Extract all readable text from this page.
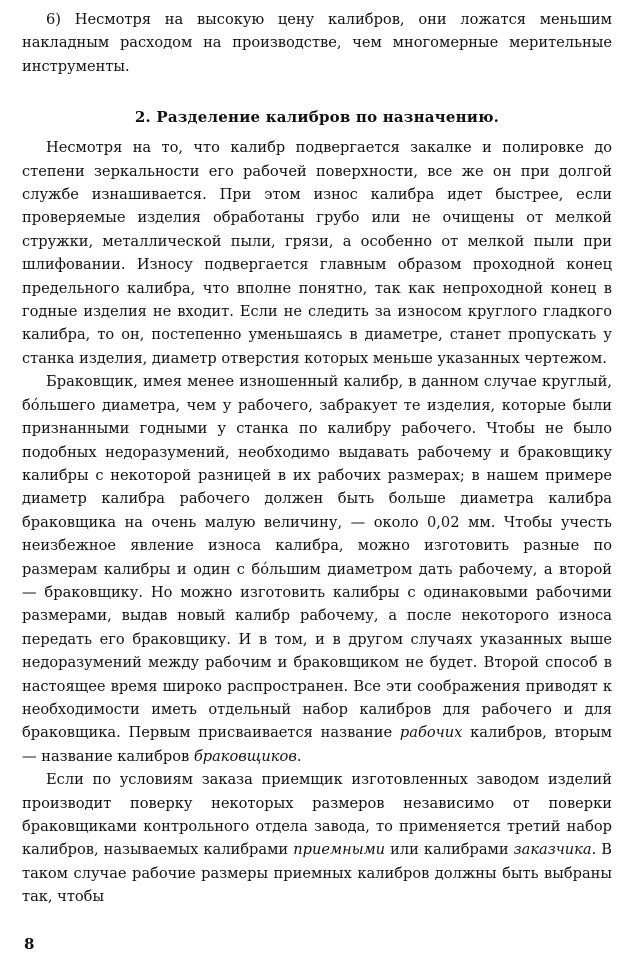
6) Несмотря на высокую цену калибров, они ложатся меньшим накладным расходом на производстве, чем многомерные мерительные инструменты.

2. Разделение калибров по назначению.

Несмотря на то, что калибр подвергается закалке и полировке до степени зеркальности его рабочей поверхности, все же он при долгой службе изнашивается. При этом износ калибра идет быстрее, если проверяемые изделия обработаны грубо или не очищены от мелкой стружки, металлической пыли, грязи, а особенно от мелкой пыли при шлифовании. Износу подвергается главным образом проходной конец предельного калибра, что вполне понятно, так как непроходной конец в годные изделия не входит. Если не следить за износом круглого гладкого калибра, то он, постепенно уменьшаясь в диаметре, станет пропускать у станка изделия, диаметр отверстия которых меньше указанных чертежом.

Браковщик, имея менее изношенный калибр, в данном случае круглый, бóльшего диаметра, чем у рабочего, забракует те изделия, которые были признанными годными у станка по калибру рабочего. Чтобы не было подобных недоразумений, необходимо выдавать рабочему и браковщику калибры с некоторой разницей в их рабочих размерах; в нашем примере диаметр калибра рабочего должен быть больше диаметра калибра браковщика на очень малую величину, — около 0,02 мм. Чтобы учесть неизбежное явление износа калибра, можно изготовить разные по размерам калибры и один с бóльшим диаметром дать рабочему, а второй — браковщику. Но можно изготовить калибры с одинаковыми рабочими размерами, выдав новый калибр рабочему, а после некоторого износа передать его браковщику. И в том, и в другом случаях указанных выше недоразумений между рабочим и браковщиком не будет. Второй способ в настоящее время широко распространен. Все эти соображения приводят к необходимости иметь отдельный набор калибров для рабочего и для браковщика. Первым присваивается название рабочих калибров, вторым — название калибров браковщиков.

Если по условиям заказа приемщик изготовленных заводом изделий производит поверку некоторых размеров независимо от поверки браковщиками контрольного отдела завода, то применяется третий набор калибров, называемых калибрами приемными или калибрами заказчика. В таком случае рабочие размеры приемных калибров должны быть выбраны так, чтобы

8
